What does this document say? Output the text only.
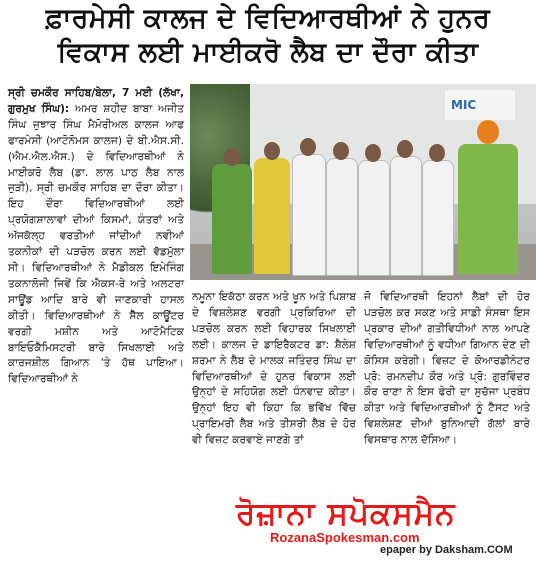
ਫ਼ਾਰਮੇਸੀ ਕਾਲਜ ਦੇ ਵਿਦਿਆਰਥੀਆਂ ਨੇ ਹੁਨਰ
ਵਿਕਾਸ ਲਈ ਮਾਈਕਰੋ ਲੈਬ ਦਾ ਦੌਰਾ ਕੀਤਾ

ਸ੍ਰੀ ਚਮਕੌਰ ਸਾਹਿਬ/ਬੇਲਾ, 7 ਮਈ (ਲੱਖਾ, ਗੁਰਮੁਖ ਸਿੰਘ): ਅਮਰ ਸ਼ਹੀਦ ਬਾਬਾ ਅਜੀਤ ਸਿੰਘ ਜੁਝਾਰ ਸਿੰਘ ਮੈਮੋਰੀਅਲ ਕਾਲਜ ਆਫ ਫਾਰਮੇਸੀ (ਆਟੋਨੋਮਸ ਕਾਲਜ) ਦੇ ਬੀ.ਐਸ.ਸੀ. (ਐਮ.ਐਲ.ਐਸ.) ਦੇ ਵਿਦਿਆਰਥੀਆਂ ਨੇ ਮਾਈਕਰੋ ਲੈਬ (ਡਾ. ਲਾਲ ਪਾਠ ਲੈਬ ਨਾਲ ਜੁੜੀ), ਸ੍ਰੀ ਚਮਕੌਰ ਸਾਹਿਬ ਦਾ ਦੌਰਾ ਕੀਤਾ। ਇਹ ਦੌਰਾ ਵਿਦਿਆਰਥੀਆਂ ਲਈ ਪ੍ਰਯੋਗਸ਼ਾਲਾਵਾਂ ਦੀਆਂ ਕਿਸਮਾਂ, ਯੰਤਰਾਂ ਅਤੇ ਅੱਜਕੱਲ੍ਹ ਵਰਤੀਆਂ ਜਾਂਦੀਆਂ ਨਵੀਆਂ ਤਕਨੀਕਾਂ ਦੀ ਪੜਚੋਲ ਕਰਨ ਲਈ ਵੱਡਮੁੱਲਾ ਸੀ। ਵਿਦਿਆਰਥੀਆਂ ਨੇ ਮੈਡੀਕਲ ਇਮੇਜਿੰਗ ਤਕਨਾਲੋਜੀ ਜਿਵੇਂ ਕਿ ਐਕਸ-ਰੇ ਅਤੇ ਅਲਟਰਾ ਸਾਊਂਡ ਆਦਿ ਬਾਰੇ ਵੀ ਜਾਣਕਾਰੀ ਹਾਸਲ ਕੀਤੀ। ਵਿਦਿਆਰਥੀਆਂ ਨੇ ਸੈੱਲ ਕਾਊਂਟਰ ਵਰਗੀ ਮਸ਼ੀਨ ਅਤੇ ਆਟੋਮੈਟਿਕ ਬਾਇਓਕੈਮਿਸਟਰੀ ਬਾਰੇ ਸਿਖਲਾਈ ਅਤੇ ਕਾਰਜਸ਼ੀਲ ਗਿਆਨ 'ਤੇ ਹੱਥ ਪਾਇਆ। ਵਿਦਿਆਰਥੀਆਂ ਨੇ

MIC

ਨਮੂਨਾ ਇਕੱਠਾ ਕਰਨ ਅਤੇ ਖੂਨ ਅਤੇ ਪਿਸ਼ਾਬ ਦੇ ਵਿਸ਼ਲੇਸ਼ਣ ਵਰਗੀ ਪ੍ਰਕਿਰਿਆ ਦੀ ਪੜਚੋਲ ਕਰਨ ਲਈ ਵਿਹਾਰਕ ਸਿਖਲਾਈ ਲਈ। ਕਾਲਜ ਦੇ ਡਾਇਰੈਕਟਰ ਡਾ: ਸ਼ੈਲੇਸ਼ ਸ਼ਰਮਾ ਨੇ ਲੈਬ ਦੇ ਮਾਲਕ ਜਤਿੰਦਰ ਸਿੰਘ ਦਾ ਵਿਦਿਆਰਥੀਆਂ ਦੇ ਹੁਨਰ ਵਿਕਾਸ ਲਈ ਉਨ੍ਹਾਂ ਦੇ ਸਹਿਯੋਗ ਲਈ ਧੰਨਵਾਦ ਕੀਤਾ। ਉਨ੍ਹਾਂ ਇਹ ਵੀ ਕਿਹਾ ਕਿ ਭਵਿੱਖ ਵਿੱਚ ਪ੍ਰਾਇਮਰੀ ਲੈਬ ਅਤੇ ਤੀਸਰੀ ਲੈਬ ਦੇ ਹੋਰ ਵੀ ਵਿਜ਼ਟ ਕਰਵਾਏ ਜਾਣਗੇ ਤਾਂ

ਜੋ ਵਿਦਿਆਰਥੀ ਇਹਨਾਂ ਲੈਬਾਂ ਦੀ ਹੋਰ ਪੜਚੋਲ ਕਰ ਸਕਣ ਅਤੇ ਸਾਡੀ ਸੰਸਥਾ ਇਸ ਪ੍ਰਕਾਰ ਦੀਆਂ ਗਤੀਵਿਧੀਆਂ ਨਾਲ ਆਪਣੇ ਵਿਦਿਆਰਥੀਆਂ ਨੂੰ ਵਧੀਆ ਗਿਆਨ ਦੇਣ ਦੀ ਕੋਸਿਸ ਕਰੇਗੀ। ਵਿਜ਼ਟ ਦੇ ਕੋਆਰਡੀਨੇਟਰ ਪ੍ਰੋ: ਰਮਨਦੀਪ ਕੌਰ ਅਤੇ ਪ੍ਰੋ: ਗੁਰਵਿੰਦਰ ਕੌਰ ਰਾਣਾ ਨੇ ਇਸ ਫੇਰੀ ਦਾ ਸੁਚੱਜਾ ਪ੍ਰਬੰਧ ਕੀਤਾ ਅਤੇ ਵਿਦਿਆਰਥੀਆਂ ਨੂੰ ਟੈਸਟ ਅਤੇ ਵਿਸ਼ਲੇਸ਼ਣ ਦੀਆਂ ਬੁਨਿਆਦੀ ਗੱਲਾਂ ਬਾਰੇ ਵਿਸਥਾਰ ਨਾਲ ਦੱਸਿਆ।

ਰੋਜ਼ਾਨਾ ਸਪੋਕਸਮੈਨ
RozanaSpokesman.com
epaper by Daksham.COM
